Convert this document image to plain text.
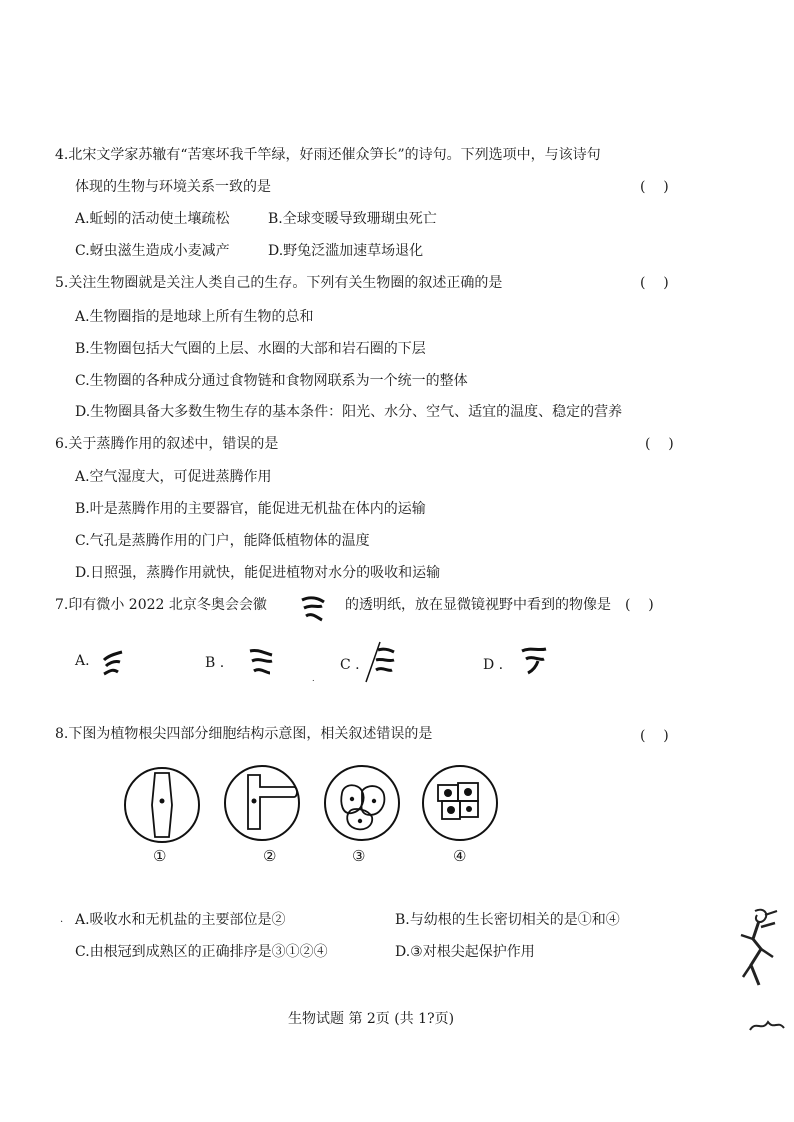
4.北宋文学家苏辙有“苦寒坏我千竿绿，好雨还催众笋长”的诗句。下列选项中，与该诗句
体现的生物与环境关系一致的是	(    )
A.蚯蚓的活动使土壤疏松	B.全球变暖导致珊瑚虫死亡
C.蚜虫滋生造成小麦减产	D.野兔泛滥加速草场退化
5.关注生物圈就是关注人类自己的生存。下列有关生物圈的叙述正确的是	(    )
A.生物圈指的是地球上所有生物的总和
B.生物圈包括大气圈的上层、水圈的大部和岩石圈的下层
C.生物圈的各种成分通过食物链和食物网联系为一个统一的整体
D.生物圈具备大多数生物生存的基本条件：阳光、水分、空气、适宜的温度、稳定的营养
6.关于蒸腾作用的叙述中，错误的是	(    )
A.空气湿度大，可促进蒸腾作用
B.叶是蒸腾作用的主要器官，能促进无机盐在体内的运输
C.气孔是蒸腾作用的门户，能降低植物体的温度
D.日照强，蒸腾作用就快，能促进植物对水分的吸收和运输
7.印有微小 2022 北京冬奥会会徽	的透明纸，放在显微镜视野中看到的物像是 (    )
A.	B .	C .	D .
.
8.下图为植物根尖四部分细胞结构示意图，相关叙述错误的是	(    )
①	②	③	④
. A.吸收水和无机盐的主要部位是②	B.与幼根的生长密切相关的是①和④
C.由根冠到成熟区的正确排序是③①②④	D.③对根尖起保护作用
生物试题 第 2页 (共 1?页)
